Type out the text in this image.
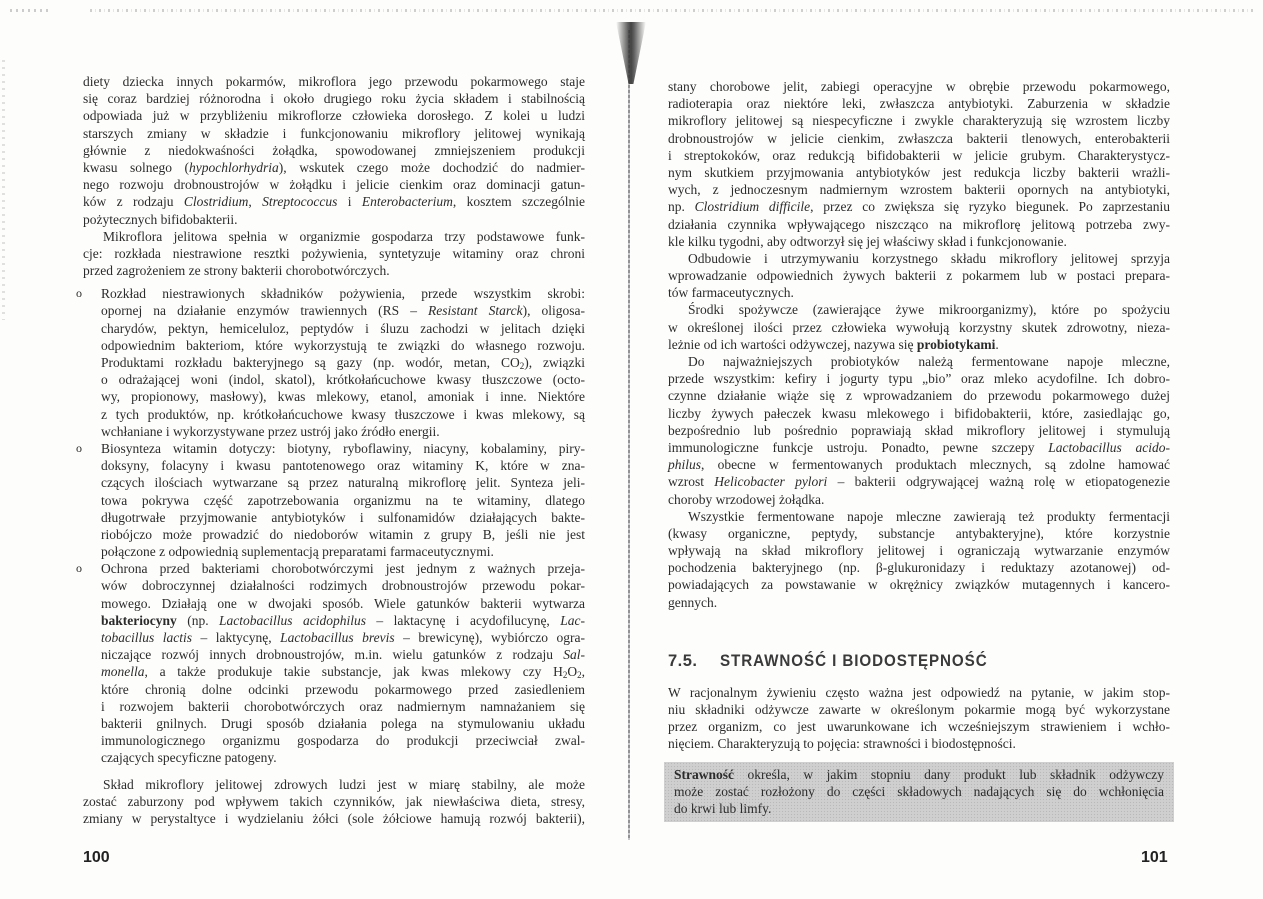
diety dziecka innych pokarmów, mikroflora jego przewodu pokarmowego staje
się coraz bardziej różnorodna i około drugiego roku życia składem i stabilnością
odpowiada już w przybliżeniu mikroflorze człowieka dorosłego. Z kolei u ludzi
starszych zmiany w składzie i funkcjonowaniu mikroflory jelitowej wynikają
głównie z niedokwaśności żołądka, spowodowanej zmniejszeniem produkcji
kwasu solnego (hypochlorhydria), wskutek czego może dochodzić do nadmier-
nego rozwoju drobnoustrojów w żołądku i jelicie cienkim oraz dominacji gatun-
ków z rodzaju Clostridium, Streptococcus i Enterobacterium, kosztem szczególnie
pożytecznych bifidobakterii.
Mikroflora jelitowa spełnia w organizmie gospodarza trzy podstawowe funk-
cje: rozkłada niestrawione resztki pożywienia, syntetyzuje witaminy oraz chroni
przed zagrożeniem ze strony bakterii chorobotwórczych.
o Rozkład niestrawionych składników pożywienia, przede wszystkim skrobi:
opornej na działanie enzymów trawiennych (RS – Resistant Starck), oligosa-
charydów, pektyn, hemiceluloz, peptydów i śluzu zachodzi w jelitach dzięki
odpowiednim bakteriom, które wykorzystują te związki do własnego rozwoju.
Produktami rozkładu bakteryjnego są gazy (np. wodór, metan, $CO_2$), związki
o odrażającej woni (indol, skatol), krótkołańcuchowe kwasy tłuszczowe (octo-
wy, propionowy, masłowy), kwas mlekowy, etanol, amoniak i inne. Niektóre
z tych produktów, np. krótkołańcuchowe kwasy tłuszczowe i kwas mlekowy, są
wchłaniane i wykorzystywane przez ustrój jako źródło energii.
o Biosynteza witamin dotyczy: biotyny, ryboflawiny, niacyny, kobalaminy, piry-
doksyny, folacyny i kwasu pantotenowego oraz witaminy K, które w zna-
czących ilościach wytwarzane są przez naturalną mikroflorę jelit. Synteza jeli-
towa pokrywa część zapotrzebowania organizmu na te witaminy, dlatego
długotrwałe przyjmowanie antybiotyków i sulfonamidów działających bakte-
riobójczo może prowadzić do niedoborów witamin z grupy B, jeśli nie jest
połączone z odpowiednią suplementacją preparatami farmaceutycznymi.
o Ochrona przed bakteriami chorobotwórczymi jest jednym z ważnych przeja-
wów dobroczynnej działalności rodzimych drobnoustrojów przewodu pokar-
mowego. Działają one w dwojaki sposób. Wiele gatunków bakterii wytwarza
bakteriocyny (np. Lactobacillus acidophilus – laktacynę i acydofilucynę, Lac-
tobacillus lactis – laktycynę, Lactobacillus brevis – brewicynę), wybiórczo ogra-
niczające rozwój innych drobnoustrojów, m.in. wielu gatunków z rodzaju Sal-
monella, a także produkuje takie substancje, jak kwas mlekowy czy $H_2O_2$,
które chronią dolne odcinki przewodu pokarmowego przed zasiedleniem
i rozwojem bakterii chorobotwórczych oraz nadmiernym namnażaniem się
bakterii gnilnych. Drugi sposób działania polega na stymulowaniu układu
immunologicznego organizmu gospodarza do produkcji przeciwciał zwal-
czających specyficzne patogeny.
Skład mikroflory jelitowej zdrowych ludzi jest w miarę stabilny, ale może
zostać zaburzony pod wpływem takich czynników, jak niewłaściwa dieta, stresy,
zmiany w perystaltyce i wydzielaniu żółci (sole żółciowe hamują rozwój bakterii),
stany chorobowe jelit, zabiegi operacyjne w obrębie przewodu pokarmowego,
radioterapia oraz niektóre leki, zwłaszcza antybiotyki. Zaburzenia w składzie
mikroflory jelitowej są niespecyficzne i zwykle charakteryzują się wzrostem liczby
drobnoustrojów w jelicie cienkim, zwłaszcza bakterii tlenowych, enterobakterii
i streptokoków, oraz redukcją bifidobakterii w jelicie grubym. Charakterystycz-
nym skutkiem przyjmowania antybiotyków jest redukcja liczby bakterii wrażli-
wych, z jednoczesnym nadmiernym wzrostem bakterii opornych na antybiotyki,
np. Clostridium difficile, przez co zwiększa się ryzyko biegunek. Po zaprzestaniu
działania czynnika wpływającego niszcząco na mikroflorę jelitową potrzeba zwy-
kle kilku tygodni, aby odtworzył się jej właściwy skład i funkcjonowanie.
Odbudowie i utrzymywaniu korzystnego składu mikroflory jelitowej sprzyja
wprowadzanie odpowiednich żywych bakterii z pokarmem lub w postaci prepara-
tów farmaceutycznych.
Środki spożywcze (zawierające żywe mikroorganizmy), które po spożyciu
w określonej ilości przez człowieka wywołują korzystny skutek zdrowotny, nieza-
leżnie od ich wartości odżywczej, nazywa się probiotykami.
Do najważniejszych probiotyków należą fermentowane napoje mleczne,
przede wszystkim: kefiry i jogurty typu „bio” oraz mleko acydofilne. Ich dobro-
czynne działanie wiąże się z wprowadzaniem do przewodu pokarmowego dużej
liczby żywych pałeczek kwasu mlekowego i bifidobakterii, które, zasiedlając go,
bezpośrednio lub pośrednio poprawiają skład mikroflory jelitowej i stymulują
immunologiczne funkcje ustroju. Ponadto, pewne szczepy Lactobacillus acido-
philus, obecne w fermentowanych produktach mlecznych, są zdolne hamować
wzrost Helicobacter pylori – bakterii odgrywającej ważną rolę w etiopatogenezie
choroby wrzodowej żołądka.
Wszystkie fermentowane napoje mleczne zawierają też produkty fermentacji
(kwasy organiczne, peptydy, substancje antybakteryjne), które korzystnie
wpływają na skład mikroflory jelitowej i ograniczają wytwarzanie enzymów
pochodzenia bakteryjnego (np. β-glukuronidazy i reduktazy azotanowej) od-
powiadających za powstawanie w okrężnicy związków mutagennych i kancero-
gennych.
7.5.	STRAWNOŚĆ I BIODOSTĘPNOŚĆ
W racjonalnym żywieniu często ważna jest odpowiedź na pytanie, w jakim stop-
niu składniki odżywcze zawarte w określonym pokarmie mogą być wykorzystane
przez organizm, co jest uwarunkowane ich wcześniejszym strawieniem i wchło-
nięciem. Charakteryzują to pojęcia: strawności i biodostępności.
Strawność określa, w jakim stopniu dany produkt lub składnik odżywczy
może zostać rozłożony do części składowych nadających się do wchłonięcia
do krwi lub limfy.
100	101
